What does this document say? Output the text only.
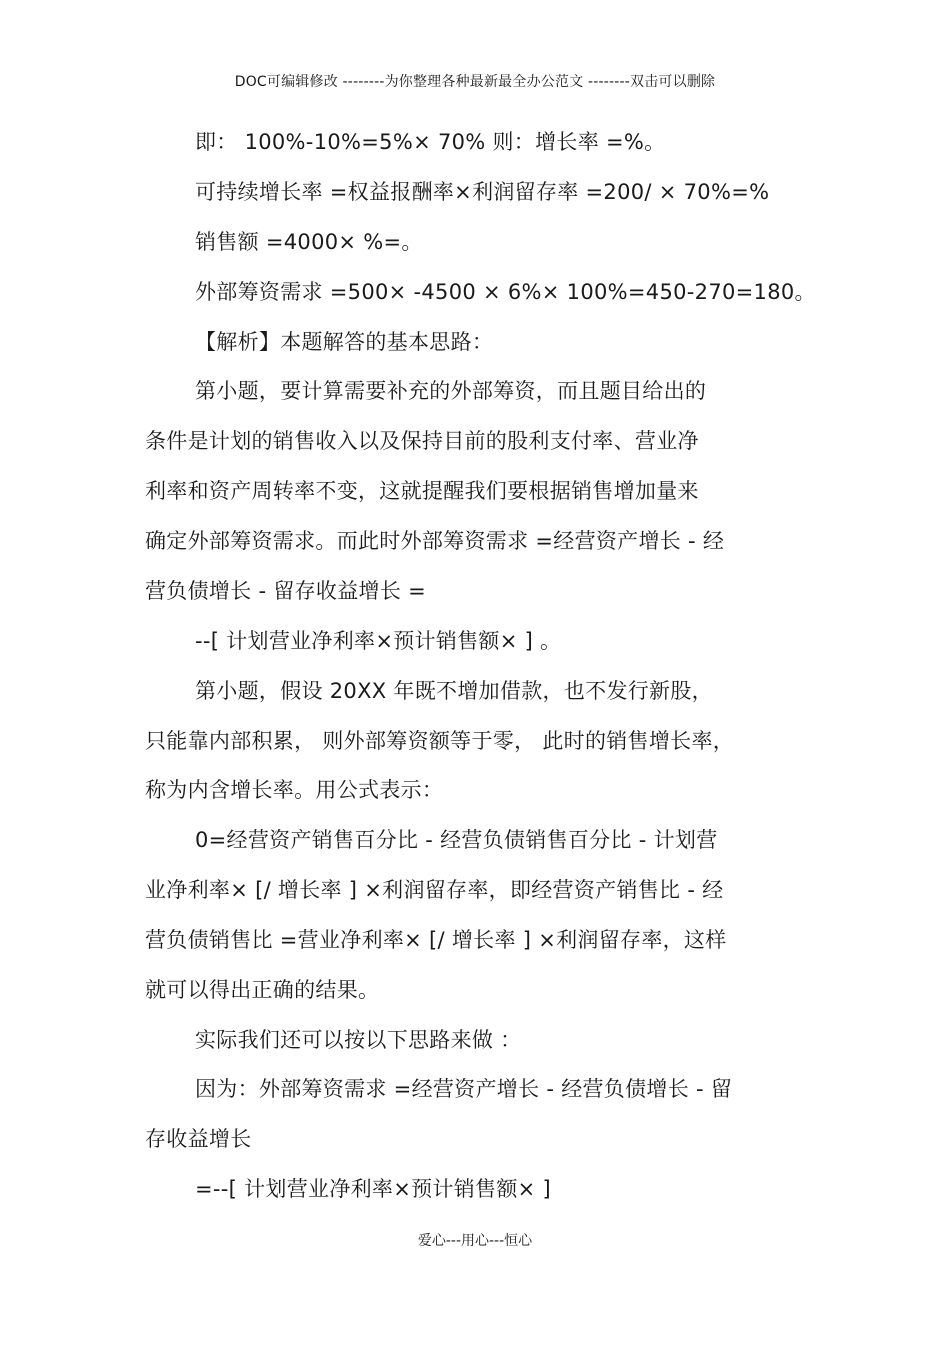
DOC可编辑修改 --------为你整理各种最新最全办公范文 --------双击可以删除
即： 100%-10%=5%× 70% 则：增长率 =%。
可持续增长率 =权益报酬率×利润留存率 =200/ × 70%=%
销售额 =4000× %=。
外部筹资需求 =500× -4500 × 6%× 100%=450-270=180。
【解析】本题解答的基本思路：
第小题，要计算需要补充的外部筹资，而且题目给出的
条件是计划的销售收入以及保持目前的股利支付率、营业净
利率和资产周转率不变，这就提醒我们要根据销售增加量来
确定外部筹资需求。而此时外部筹资需求 =经营资产增长 - 经
营负债增长 - 留存收益增长 =
--[ 计划营业净利率×预计销售额× ] 。
第小题，假设 20XX 年既不增加借款，也不发行新股，
只能靠内部积累， 则外部筹资额等于零， 此时的销售增长率，
称为内含增长率。用公式表示：
0=经营资产销售百分比 - 经营负债销售百分比 - 计划营
业净利率× [/ 增长率 ] ×利润留存率，即经营资产销售比 - 经
营负债销售比 =营业净利率× [/ 增长率 ] ×利润留存率，这样
就可以得出正确的结果。
实际我们还可以按以下思路来做 ：
因为：外部筹资需求 =经营资产增长 - 经营负债增长 - 留
存收益增长
=--[ 计划营业净利率×预计销售额× ]
爱心---用心---恒心
